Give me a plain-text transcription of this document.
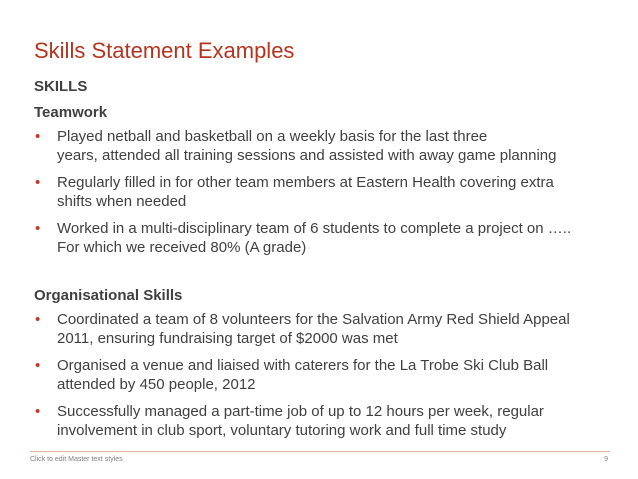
Skills Statement Examples
SKILLS
Teamwork
• Played netball and basketball on a weekly basis for the last three
years, attended all training sessions and assisted with away game planning
• Regularly filled in for other team members at Eastern Health covering extra
shifts when needed
• Worked in a multi-disciplinary team of 6 students to complete a project on …..
For which we received 80% (A grade)
Organisational Skills
• Coordinated a team of 8 volunteers for the Salvation Army Red Shield Appeal
2011, ensuring fundraising target of $2000 was met
• Organised a venue and liaised with caterers for the La Trobe Ski Club Ball
attended by 450 people, 2012
• Successfully managed a part-time job of up to 12 hours per week, regular
involvement in club sport, voluntary tutoring work and full time study
Click to edit Master text styles	9
